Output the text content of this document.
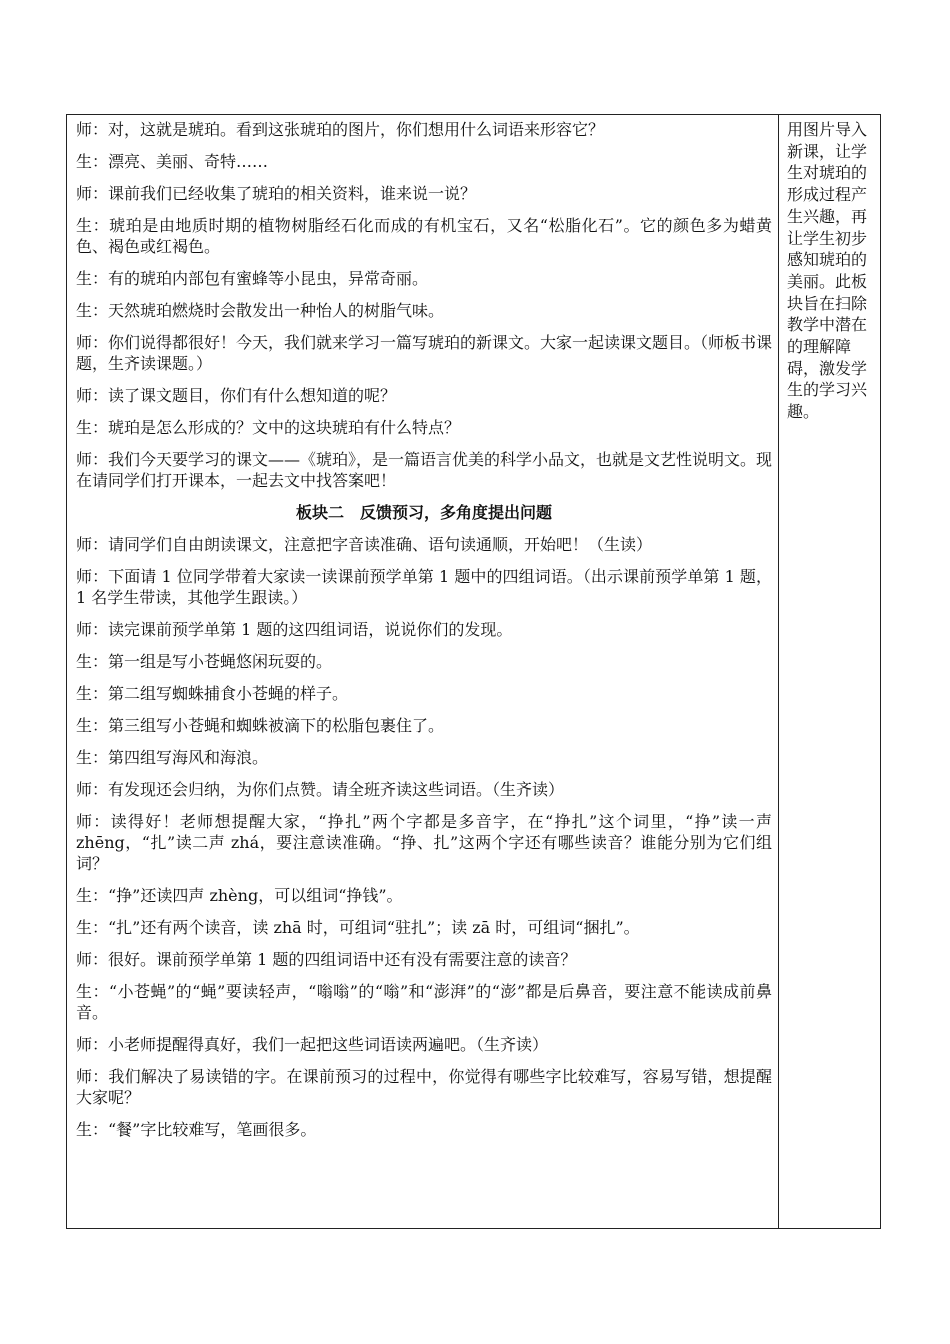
师：对，这就是琥珀。看到这张琥珀的图片，你们想用什么词语来形容它？

生：漂亮、美丽、奇特……

师：课前我们已经收集了琥珀的相关资料，谁来说一说？

生：琥珀是由地质时期的植物树脂经石化而成的有机宝石，又名“松脂化石”。它的颜色多为蜡黄色、褐色或红褐色。

生：有的琥珀内部包有蜜蜂等小昆虫，异常奇丽。

生：天然琥珀燃烧时会散发出一种怡人的树脂气味。

师：你们说得都很好！今天，我们就来学习一篇写琥珀的新课文。大家一起读课文题目。（师板书课题，生齐读课题。）

师：读了课文题目，你们有什么想知道的呢？

生：琥珀是怎么形成的？文中的这块琥珀有什么特点？

师：我们今天要学习的课文——《琥珀》，是一篇语言优美的科学小品文，也就是文艺性说明文。现在请同学们打开课本，一起去文中找答案吧！

板块二　反馈预习，多角度提出问题

师：请同学们自由朗读课文，注意把字音读准确、语句读通顺，开始吧！（生读）

师：下面请 1 位同学带着大家读一读课前预学单第 1 题中的四组词语。（出示课前预学单第 1 题，1 名学生带读，其他学生跟读。）

师：读完课前预学单第 1 题的这四组词语，说说你们的发现。

生：第一组是写小苍蝇悠闲玩耍的。

生：第二组写蜘蛛捕食小苍蝇的样子。

生：第三组写小苍蝇和蜘蛛被滴下的松脂包裹住了。

生：第四组写海风和海浪。

师：有发现还会归纳，为你们点赞。请全班齐读这些词语。（生齐读）

师：读得好！老师想提醒大家，“挣扎”两个字都是多音字，在“挣扎”这个词里，“挣”读一声 zhēng，“扎”读二声 zhá，要注意读准确。“挣、扎”这两个字还有哪些读音？谁能分别为它们组词？

生：“挣”还读四声 zhèng，可以组词“挣钱”。

生：“扎”还有两个读音，读 zhā 时，可组词“驻扎”；读 zā 时，可组词“捆扎”。

师：很好。课前预学单第 1 题的四组词语中还有没有需要注意的读音？

生：“小苍蝇”的“蝇”要读轻声，“嗡嗡”的“嗡”和“澎湃”的“澎”都是后鼻音，要注意不能读成前鼻音。

师：小老师提醒得真好，我们一起把这些词语读两遍吧。（生齐读）

师：我们解决了易读错的字。在课前预习的过程中，你觉得有哪些字比较难写，容易写错，想提醒大家呢？

生：“餐”字比较难写，笔画很多。

用图片导入新课，让学生对琥珀的形成过程产生兴趣，再让学生初步感知琥珀的美丽。此板块旨在扫除教学中潜在的理解障碍，激发学生的学习兴趣。
